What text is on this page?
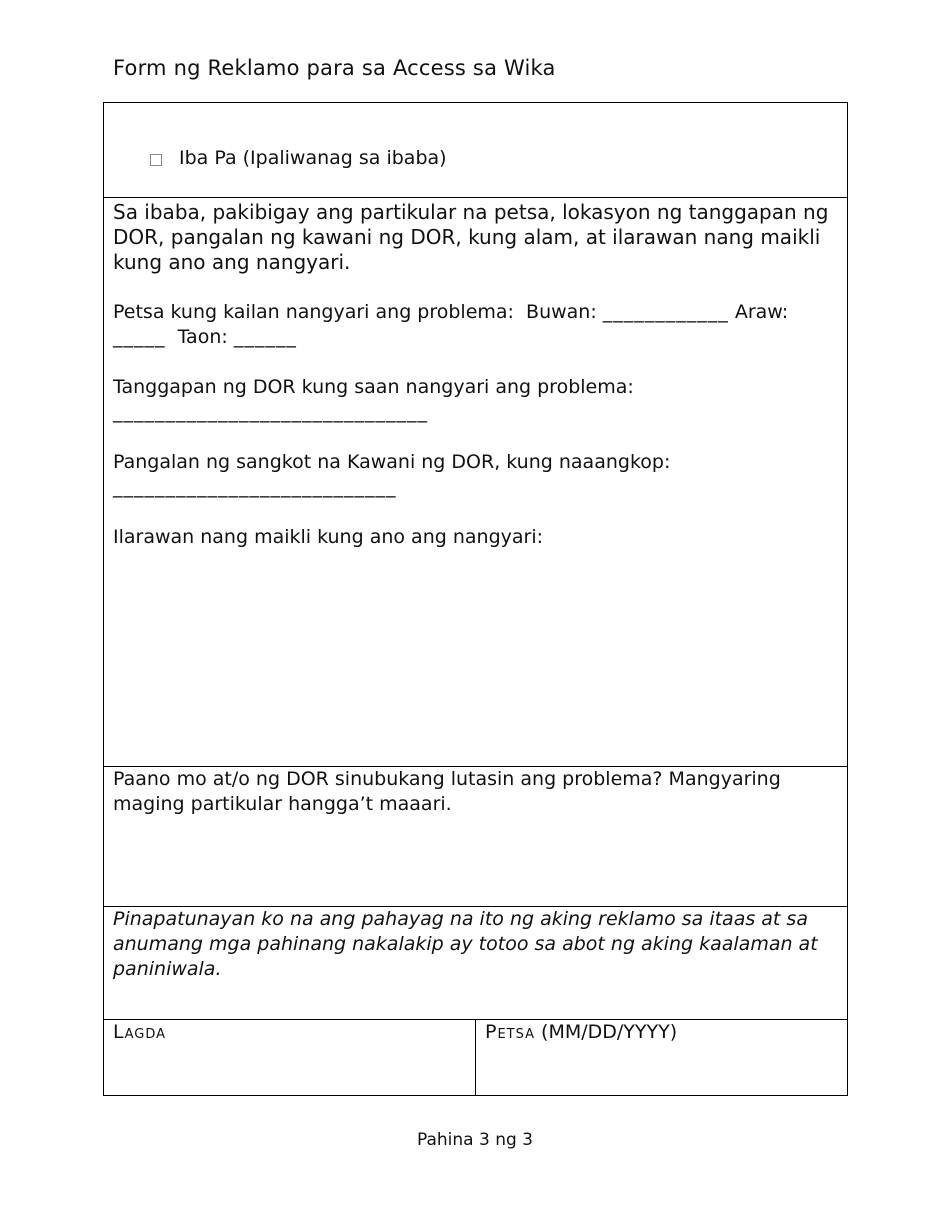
Form ng Reklamo para sa Access sa Wika
Iba Pa (Ipaliwanag sa ibaba)

Sa ibaba, pakibigay ang partikular na petsa, lokasyon ng tanggapan ng DOR, pangalan ng kawani ng DOR, kung alam, at ilarawan nang maikli kung ano ang nangyari.
Petsa kung kailan nangyari ang problema: Buwan: ____________ Araw: _____ Taon: ______
Tanggapan ng DOR kung saan nangyari ang problema:
______________________________
Pangalan ng sangkot na Kawani ng DOR, kung naaangkop:
___________________________
Ilarawan nang maikli kung ano ang nangyari:

Paano mo at/o ng DOR sinubukang lutasin ang problema? Mangyaring maging partikular hangga’t maaari.

Pinapatunayan ko na ang pahayag na ito ng aking reklamo sa itaas at sa anumang mga pahinang nakalakip ay totoo sa abot ng aking kaalaman at paniniwala.

Lagda	Petsa (MM/DD/YYYY)
Pahina 3 ng 3
